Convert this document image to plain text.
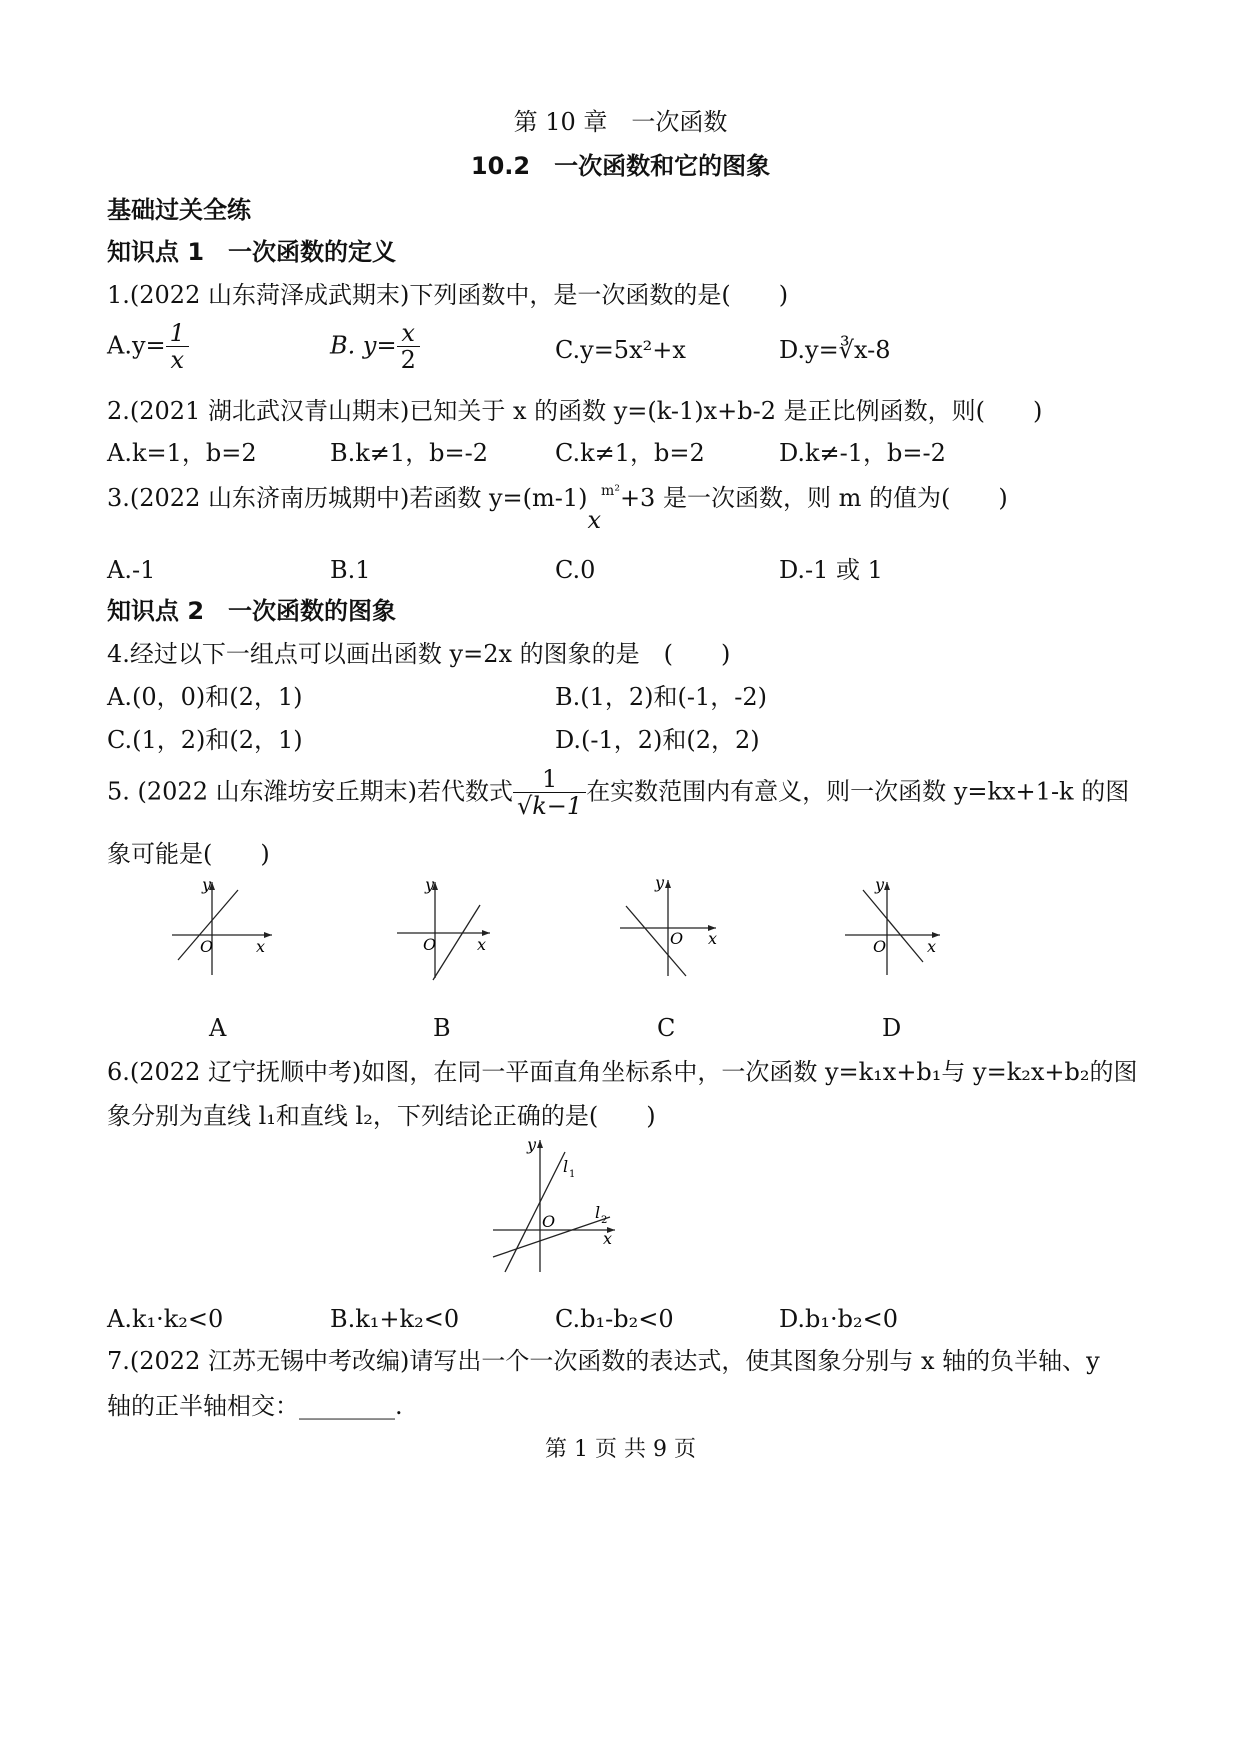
第 10 章　一次函数
10.2　一次函数和它的图象
基础过关全练
知识点 1　一次函数的定义
1.(2022 山东菏泽成武期末)下列函数中，是一次函数的是(　　)
$A.y= \frac{1}{x}$	B. $y= \frac{x}{2}$	C.y=5x²+x	D.y=∛x-8
2.(2021 湖北武汉青山期末)已知关于 x 的函数 y=(k-1)x+b-2 是正比例函数，则(　　)
A.k=1，b=2	B.k≠1，b=-2	C.k≠1，b=2	D.k≠-1，b=-2
3.(2022 山东济南历城期中)若函数 $y=(m-1)x^{m^2}+3$ 是一次函数，则 m 的值为(　　)
A.-1	B.1	C.0	D.-1 或 1
知识点 2　一次函数的图象
4.经过以下一组点可以画出函数 y=2x 的图象的是　(　　)
A.(0，0)和(2，1)	B.(1，2)和(-1，-2)
C.(1，2)和(2，1)	D.(-1，2)和(2，2)
5. (2022 山东潍坊安丘期末)若代数式 $\frac{1}{√k-1}$ 在实数范围内有意义，则一次函数 y=kx+1-k 的图
象可能是(　　)
y
O	x
y
O	x
y
O x
y
O	x
A	B	C	D
6.(2022 辽宁抚顺中考)如图，在同一平面直角坐标系中，一次函数 y=k₁x+b₁与 y=k₂x+b₂的图
象分别为直线 l₁和直线 l₂，下列结论正确的是(　　)
y
l 1
l 2
O
x
A.k₁·k₂<0	B.k₁+k₂<0	C.b₁-b₂<0	D.b₁·b₂<0
7.(2022 江苏无锡中考改编)请写出一个一次函数的表达式，使其图象分别与 x 轴的负半轴、y
轴的正半轴相交：________.
第 1 页 共 9 页
